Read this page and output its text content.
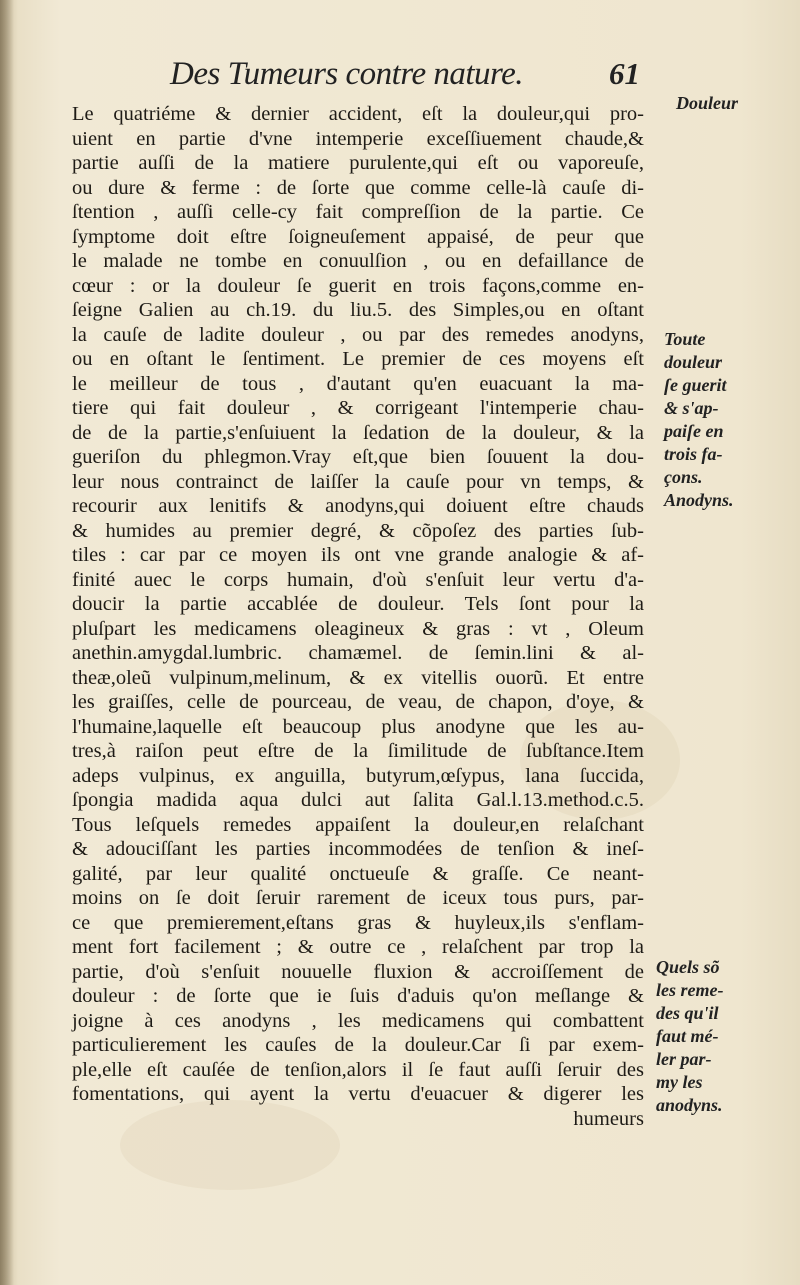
Des Tumeurs contre nature.	61
Le quatriéme & dernier accident, eſt la douleur,qui pro-
uient en partie d'vne intemperie exceſſiuement chaude,&
partie auſſi de la matiere purulente,qui eſt ou vaporeuſe,
ou dure & ferme : de ſorte que comme celle-là cauſe di-
ſtention , auſſi celle-cy fait compreſſion de la partie. Ce
ſymptome doit eſtre ſoigneuſement appaisé, de peur que
le malade ne tombe en conuulſion , ou en defaillance de
cœur : or la douleur ſe guerit en trois façons,comme en-
ſeigne Galien au ch.19. du liu.5. des Simples,ou en oſtant
la cauſe de ladite douleur , ou par des remedes anodyns,
ou en oſtant le ſentiment. Le premier de ces moyens eſt
le meilleur de tous , d'autant qu'en euacuant la ma-
tiere qui fait douleur , & corrigeant l'intemperie chau-
de de la partie,s'enſuiuent la ſedation de la douleur, & la
gueriſon du phlegmon.Vray eſt,que bien ſouuent la dou-
leur nous contrainct de laiſſer la cauſe pour vn temps, &
recourir aux lenitifs & anodyns,qui doiuent eſtre chauds
& humides au premier degré, & cõpoſez des parties ſub-
tiles : car par ce moyen ils ont vne grande analogie & af-
finité auec le corps humain, d'où s'enſuit leur vertu d'a-
doucir la partie accablée de douleur. Tels ſont pour la
pluſpart les medicamens oleagineux & gras : vt , Oleum
anethin.amygdal.lumbric. chamæmel. de ſemin.lini & al-
theæ,oleũ vulpinum,melinum, & ex vitellis ouorũ. Et entre
les graiſſes, celle de pourceau, de veau, de chapon, d'oye, &
l'humaine,laquelle eſt beaucoup plus anodyne que les au-
tres,à raiſon peut eſtre de la ſimilitude de ſubſtance.Item
adeps vulpinus, ex anguilla, butyrum,œſypus, lana ſuccida,
ſpongia madida aqua dulci aut ſalita Gal.l.13.method.c.5.
Tous leſquels remedes appaiſent la douleur,en relaſchant
& adouciſſant les parties incommodées de tenſion & ineſ-
galité, par leur qualité onctueuſe & graſſe. Ce neant-
moins on ſe doit ſeruir rarement de iceux tous purs, par-
ce que premierement,eſtans gras & huyleux,ils s'enflam-
ment fort facilement ; & outre ce , relaſchent par trop la
partie, d'où s'enſuit nouuelle fluxion & accroiſſement de
douleur : de ſorte que ie ſuis d'aduis qu'on meſlange &
joigne à ces anodyns , les medicamens qui combattent
particulierement les cauſes de la douleur.Car ſi par exem-
ple,elle eſt cauſée de tenſion,alors il ſe faut auſſi ſeruir des
fomentations, qui ayent la vertu d'euacuer & digerer les
humeurs
Douleur
Toute
douleur
ſe guerit
& s'ap-
paiſe en
trois fa-
çons.
Anodyns.
Quels sõ
les reme-
des qu'il
faut mé-
ler par-
my les
anodyns.
